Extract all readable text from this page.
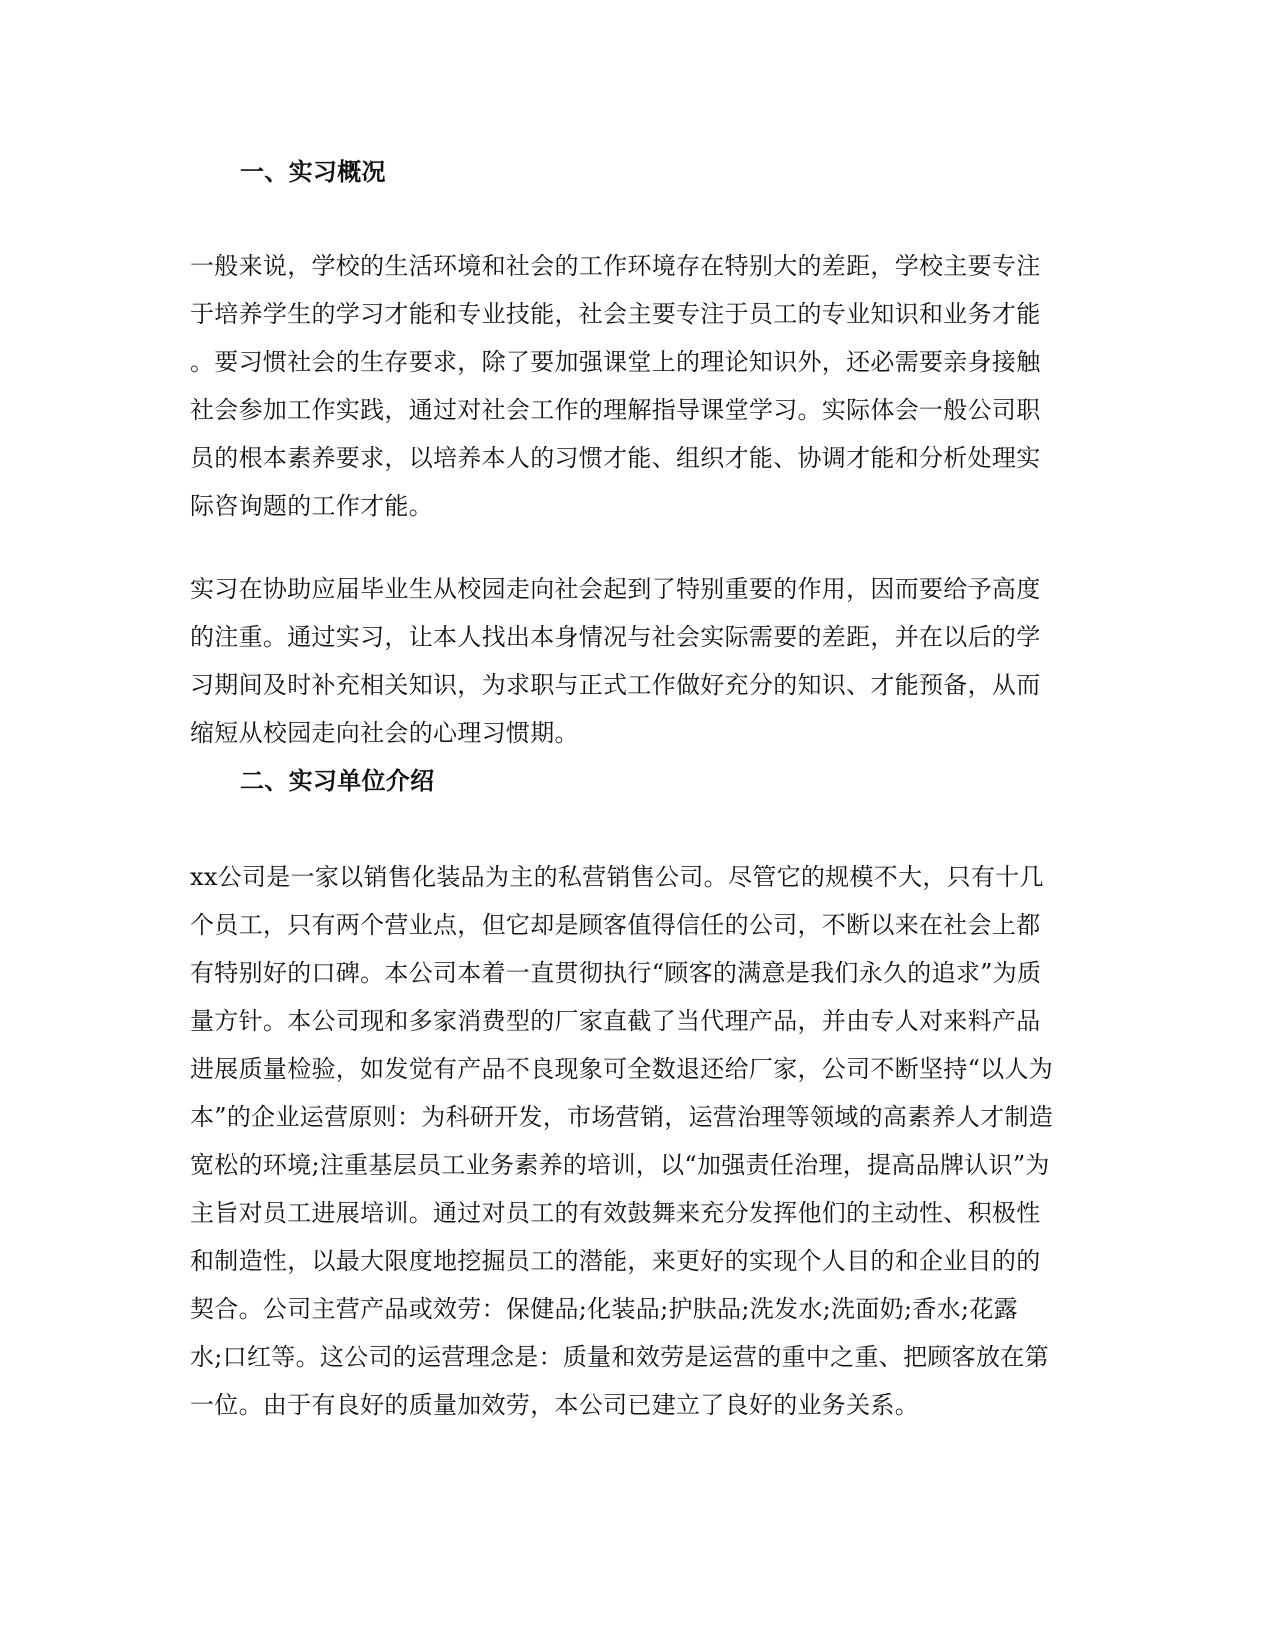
一、实习概况

一般来说，学校的生活环境和社会的工作环境存在特别大的差距，学校主要专注
于培养学生的学习才能和专业技能，社会主要专注于员工的专业知识和业务才能
。要习惯社会的生存要求，除了要加强课堂上的理论知识外，还必需要亲身接触
社会参加工作实践，通过对社会工作的理解指导课堂学习。实际体会一般公司职
员的根本素养要求，以培养本人的习惯才能、组织才能、协调才能和分析处理实
际咨询题的工作才能。

实习在协助应届毕业生从校园走向社会起到了特别重要的作用，因而要给予高度
的注重。通过实习，让本人找出本身情况与社会实际需要的差距，并在以后的学
习期间及时补充相关知识，为求职与正式工作做好充分的知识、才能预备，从而
缩短从校园走向社会的心理习惯期。

二、实习单位介绍

xx公司是一家以销售化装品为主的私营销售公司。尽管它的规模不大，只有十几
个员工，只有两个营业点，但它却是顾客值得信任的公司，不断以来在社会上都
有特别好的口碑。本公司本着一直贯彻执行“顾客的满意是我们永久的追求”为质
量方针。本公司现和多家消费型的厂家直截了当代理产品，并由专人对来料产品
进展质量检验，如发觉有产品不良现象可全数退还给厂家，公司不断坚持“以人为
本”的企业运营原则：为科研开发，市场营销，运营治理等领域的高素养人才制造
宽松的环境;注重基层员工业务素养的培训，以“加强责任治理，提高品牌认识”为
主旨对员工进展培训。通过对员工的有效鼓舞来充分发挥他们的主动性、积极性
和制造性，以最大限度地挖掘员工的潜能，来更好的实现个人目的和企业目的的
契合。公司主营产品或效劳：保健品;化装品;护肤品;洗发水;洗面奶;香水;花露
水;口红等。这公司的运营理念是：质量和效劳是运营的重中之重、把顾客放在第
一位。由于有良好的质量加效劳，本公司已建立了良好的业务关系。
